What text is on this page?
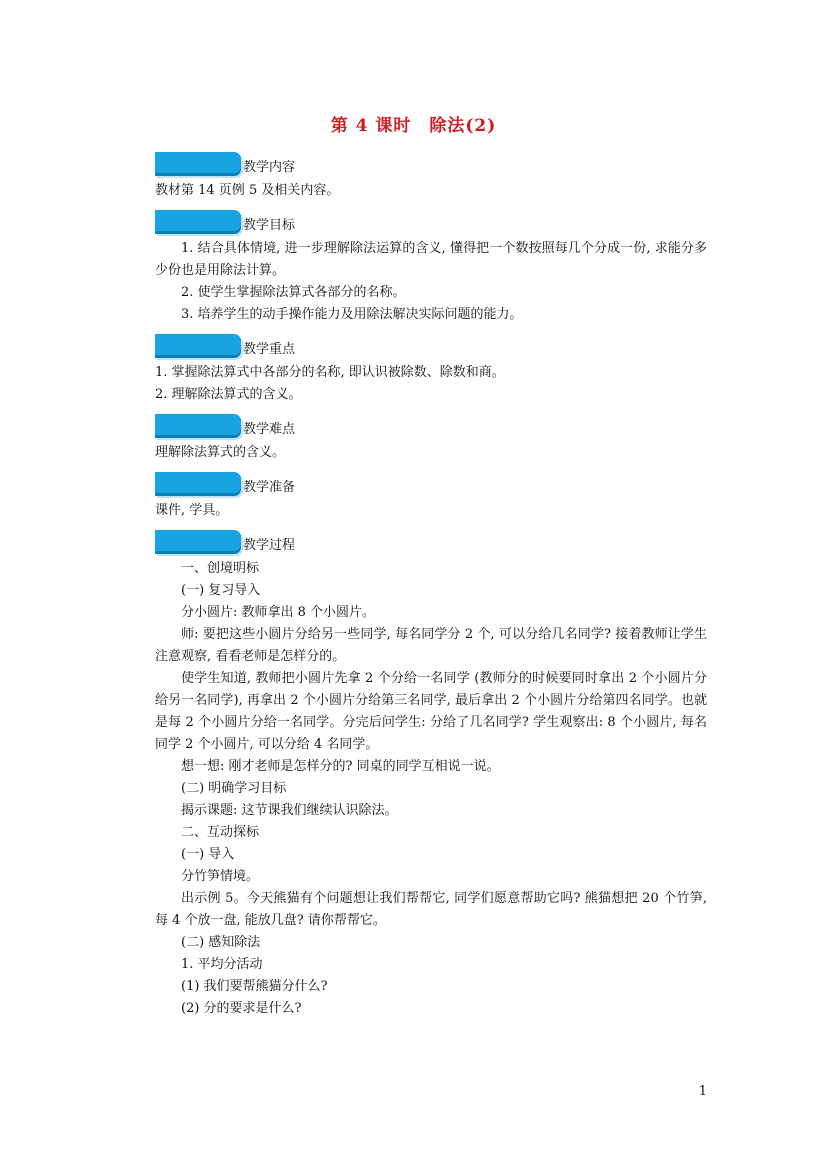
第 4 课时　除法(2)
教学内容

教材第 14 页例 5 及相关内容。

教学目标

1. 结合具体情境, 进一步理解除法运算的含义, 懂得把一个数按照每几个分成一份, 求能分多少份也是用除法计算。

2. 使学生掌握除法算式各部分的名称。

3. 培养学生的动手操作能力及用除法解决实际问题的能力。

教学重点

1. 掌握除法算式中各部分的名称, 即认识被除数、除数和商。

2. 理解除法算式的含义。

教学难点

理解除法算式的含义。

教学准备

课件, 学具。

教学过程

一、创境明标

(一) 复习导入

分小圆片: 教师拿出 8 个小圆片。

师: 要把这些小圆片分给另一些同学, 每名同学分 2 个, 可以分给几名同学? 接着教师让学生注意观察, 看看老师是怎样分的。

使学生知道, 教师把小圆片先拿 2 个分给一名同学 (教师分的时候要同时拿出 2 个小圆片分给另一名同学), 再拿出 2 个小圆片分给第三名同学, 最后拿出 2 个小圆片分给第四名同学。也就是每 2 个小圆片分给一名同学。分完后问学生: 分给了几名同学? 学生观察出: 8 个小圆片, 每名同学 2 个小圆片, 可以分给 4 名同学。

想一想: 刚才老师是怎样分的? 同桌的同学互相说一说。

(二) 明确学习目标

揭示课题: 这节课我们继续认识除法。

二、互动探标

(一) 导入

分竹笋情境。

出示例 5。今天熊猫有个问题想让我们帮帮它, 同学们愿意帮助它吗? 熊猫想把 20 个竹笋, 每 4 个放一盘, 能放几盘? 请你帮帮它。

(二) 感知除法

1. 平均分活动

(1) 我们要帮熊猫分什么?

(2) 分的要求是什么?

1
